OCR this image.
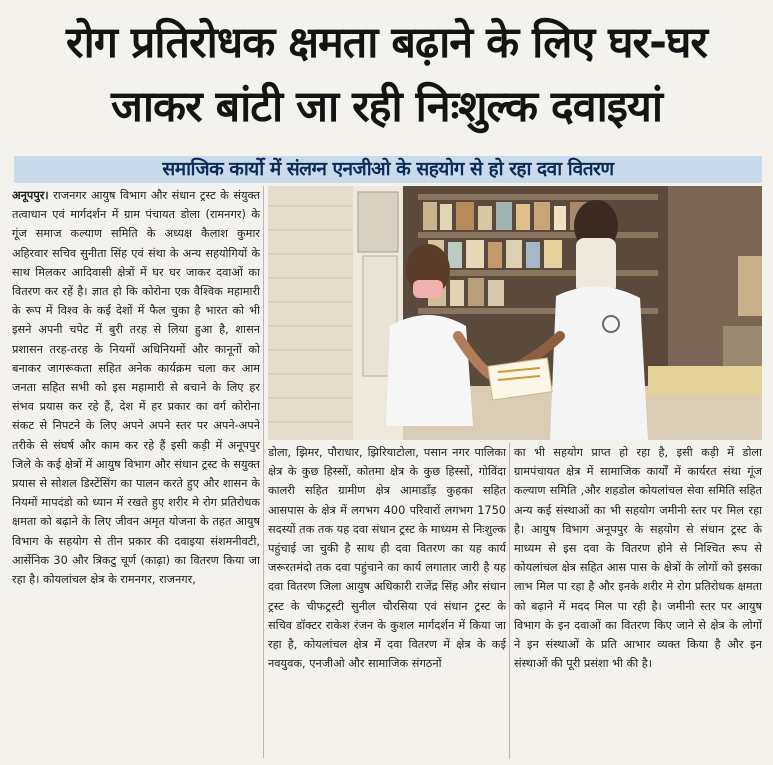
रोग प्रतिरोधक क्षमता बढ़ाने के लिए घर-घर
जाकर बांटी जा रही निःशुल्क दवाइयां
समाजिक कार्यो में संलग्न एनजीओ के सहयोग से हो रहा दवा वितरण
अनूपपुर। राजनगर आयुष विभाग और संधान ट्रस्ट के संयुक्त तत्वाधान एवं मार्गदर्शन में ग्राम पंचायत डोला (रामनगर) के गूंज समाज कल्याण समिति के अध्यक्ष कैलाश कुमार अहिरवार सचिव सुनीता सिंह एवं संथा के अन्य सहयोगियों के साथ मिलकर आदिवासी क्षेत्रों में घर घर जाकर दवाओं का वितरण कर रहें है। ज्ञात हो कि कोरोना एक वैश्विक महामारी के रूप में विश्व के कई देशों में फैल चुका है भारत को भी इसने अपनी चपेट में बुरी तरह से लिया हुआ है, शासन प्रशासन तरह-तरह के नियमों अधिनियमों और कानूनों को बनाकर जागरूकता सहित अनेक कार्यक्रम चला कर आम जनता सहित सभी को इस महामारी से बचाने के लिए हर संभव प्रयास कर रहे हैं, देश में हर प्रकार का वर्ग कोरोना संकट से निपटने के लिए अपने अपने स्तर पर अपने-अपने तरीके से संघर्ष और काम कर रहे हैं इसी कड़ी में अनूपपुर जिले के कई क्षेत्रों में आयुष विभाग और संधान ट्रस्ट के सयुक्त प्रयास से सोशल डिस्टेंसिंग का पालन करते हुए और शासन के नियमों मापदंडो को ध्यान में रखते हुए शरीर मे रोग प्रतिरोधक क्षमता को बढ़ाने के लिए जीवन अमृत योजना के तहत आयुष विभाग के सहयोग से तीन प्रकार की दवाइया संशमनीवटी, आर्सेनिक 30 और त्रिकटु चूर्ण (काढ़ा) का वितरण किया जा रहा है। कोयलांचल क्षेत्र के रामनगर, राजनगर,
डोला, झिमर, पौराधार, झिरियाटोला, पसान नगर पालिका क्षेत्र के कुछ हिस्सों, कोतमा क्षेत्र के कुछ हिस्सों, गोविंदा कालरी सहित ग्रामीण क्षेत्र आमाडाँड़ कुहका सहित आसपास के क्षेत्र में लगभग 400 परिवारों लगभग 1750 सदस्यों तक तक यह दवा संधान ट्रस्ट के माध्यम से निःशुल्क पहुंचाई जा चुकी है साथ ही दवा वितरण का यह कार्य जरूरतमंदो तक दवा पहुंचाने का कार्य लगातार जारी है यह दवा वितरण जिला आयुष अधिकारी राजेंद्र सिंह और संधान ट्रस्ट के चीफट्रस्टी सुनील चौरसिया एवं संधान ट्रस्ट के सचिव डॉक्टर राकेश रंजन के कुशल मार्गदर्शन में किया जा रहा है, कोयलांचल क्षेत्र में दवा वितरण में क्षेत्र के कई नवयुवक, एनजीओ और सामाजिक संगठनों
का भी सहयोग प्राप्त हो रहा है, इसी कड़ी में डोला ग्रामपंचायत क्षेत्र में सामाजिक कार्यों में कार्यरत संथा गूंज कल्याण समिति ,और शहडोल कोयलांचल सेवा समिति सहित अन्य कई संस्थाओं का भी सहयोग जमीनी स्तर पर मिल रहा है। आयुष विभाग अनूपपुर के सहयोग से संधान ट्रस्ट के माध्यम से इस दवा के वितरण होने से निश्चित रूप से कोयलांचल क्षेत्र सहित आस पास के क्षेत्रों के लोगों को इसका लाभ मिल पा रहा है और इनके शरीर मे रोग प्रतिरोधक क्षमता को बढ़ाने में मदद मिल पा रही है। जमीनी स्तर पर आयुष विभाग के इन दवाओं का वितरण किए जाने से क्षेत्र के लोगों ने इन संस्थाओं के प्रति आभार व्यक्त किया है और इन संस्थाओं की पूरी प्रसंशा भी की है।
